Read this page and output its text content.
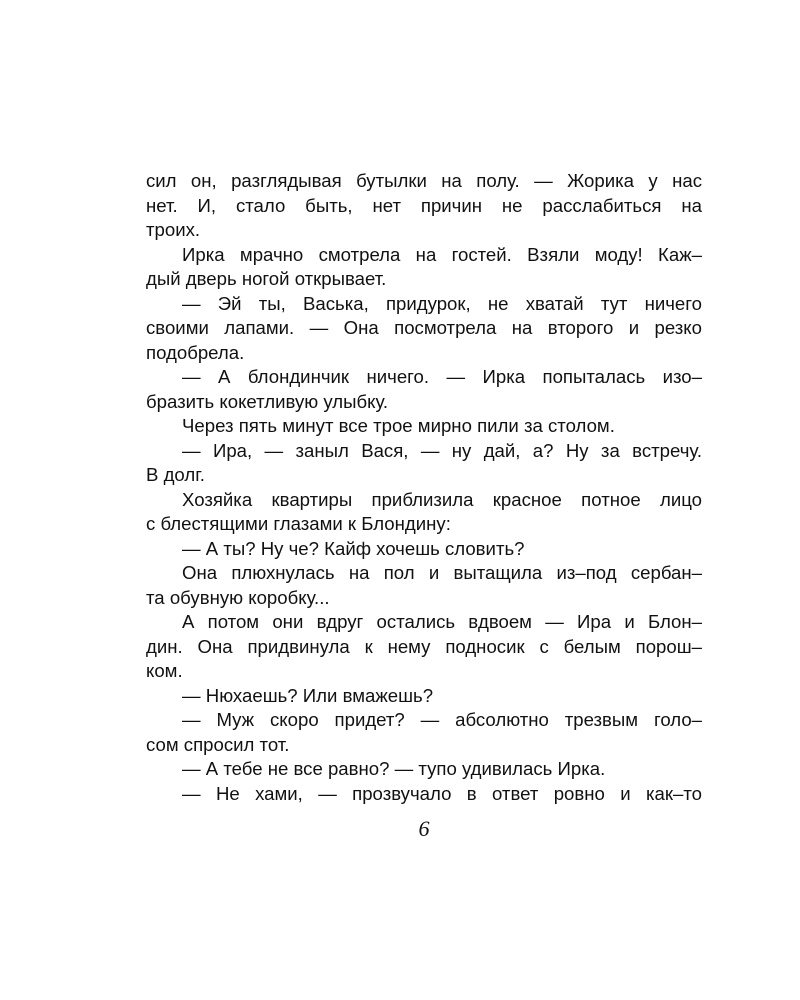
сил он, разглядывая бутылки на полу. — Жорика у нас
нет. И, стало быть, нет причин не расслабиться на
троих.
Ирка мрачно смотрела на гостей. Взяли моду! Каж–
дый дверь ногой открывает.
— Эй ты, Васька, придурок, не хватай тут ничего
своими лапами. — Она посмотрела на второго и резко
подобрела.
— А блондинчик ничего. — Ирка попыталась изо–
бразить кокетливую улыбку.
Через пять минут все трое мирно пили за столом.
— Ира, — заныл Вася, — ну дай, а? Ну за встречу.
В долг.
Хозяйка квартиры приблизила красное потное лицо
с блестящими глазами к Блондину:
— А ты? Ну че? Кайф хочешь словить?
Она плюхнулась на пол и вытащила из–под сербан–
та обувную коробку...
А потом они вдруг остались вдвоем — Ира и Блон–
дин. Она придвинула к нему подносик с белым порош–
ком.
— Нюхаешь? Или вмажешь?
— Муж скоро придет? — абсолютно трезвым голо–
сом спросил тот.
— А тебе не все равно? — тупо удивилась Ирка.
— Не хами, — прозвучало в ответ ровно и как–то
6
